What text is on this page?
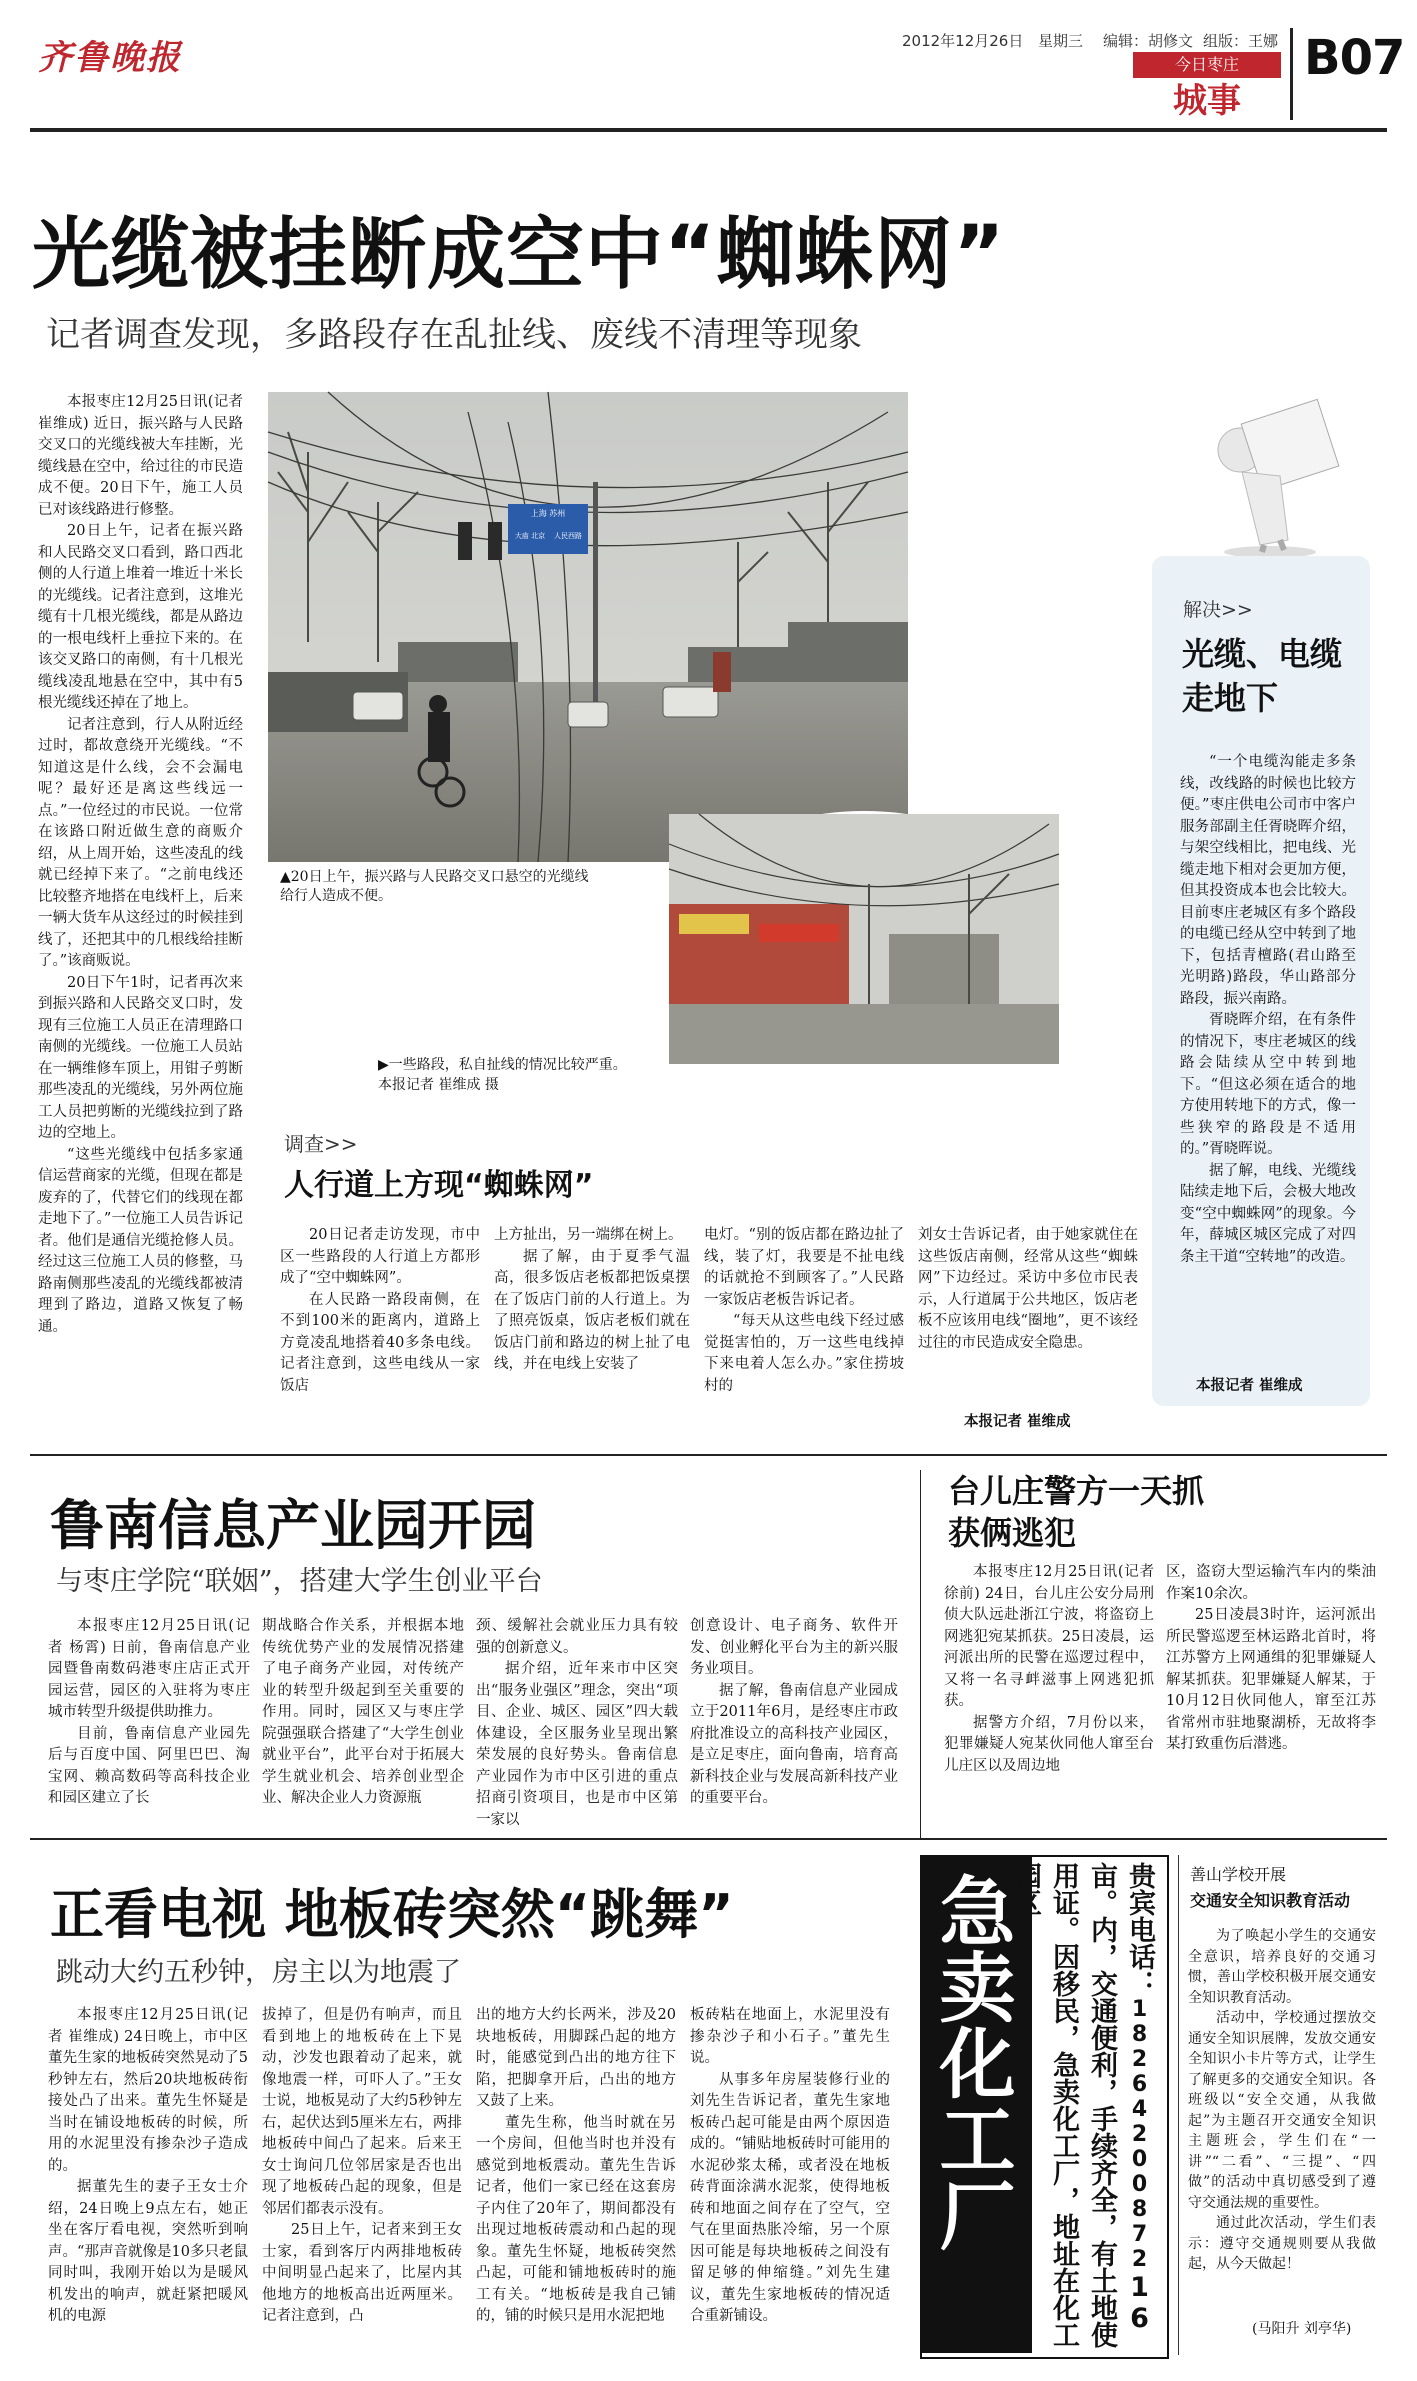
齐鲁晚报	2012年12月26日 星期三 编辑：胡修文 组版：王娜
今日枣庄
城事
B07
光缆被挂断成空中“蜘蛛网”
记者调查发现，多路段存在乱扯线、废线不清理等现象

本报枣庄12月25日讯(记者 崔维成) 近日，振兴路与人民路交叉口的光缆线被大车挂断，光缆线悬在空中，给过往的市民造成不便。20日下午，施工人员已对该线路进行修整。

20日上午，记者在振兴路和人民路交叉口看到，路口西北侧的人行道上堆着一堆近十米长的光缆线。记者注意到，这堆光缆有十几根光缆线，都是从路边的一根电线杆上垂拉下来的。在该交叉路口的南侧，有十几根光缆线凌乱地悬在空中，其中有5根光缆线还掉在了地上。

记者注意到，行人从附近经过时，都故意绕开光缆线。“不知道这是什么线，会不会漏电呢？最好还是离这些线远一点。”一位经过的市民说。一位常在该路口附近做生意的商贩介绍，从上周开始，这些凌乱的线就已经掉下来了。“之前电线还比较整齐地搭在电线杆上，后来一辆大货车从这经过的时候挂到线了，还把其中的几根线给挂断了。”该商贩说。

20日下午1时，记者再次来到振兴路和人民路交叉口时，发现有三位施工人员正在清理路口南侧的光缆线。一位施工人员站在一辆维修车顶上，用钳子剪断那些凌乱的光缆线，另外两位施工人员把剪断的光缆线拉到了路边的空地上。

“这些光缆线中包括多家通信运营商家的光缆，但现在都是废弃的了，代替它们的线现在都走地下了。”一位施工人员告诉记者。他们是通信光缆抢修人员。经过这三位施工人员的修整，马路南侧那些凌乱的光缆线都被清理到了路边，道路又恢复了畅通。

上海 苏州
大庙 北京 人民西路
▲20日上午，振兴路与人民路交叉口悬空的光缆线给行人造成不便。
▶一些路段，私自扯线的情况比较严重。 本报记者 崔维成 摄
调查>>
人行道上方现“蜘蛛网”

20日记者走访发现，市中区一些路段的人行道上方都形成了“空中蜘蛛网”。

在人民路一路段南侧，在不到100米的距离内，道路上方竟凌乱地搭着40多条电线。记者注意到，这些电线从一家饭店

上方扯出，另一端绑在树上。

据了解，由于夏季气温高，很多饭店老板都把饭桌摆在了饭店门前的人行道上。为了照亮饭桌，饭店老板们就在饭店门前和路边的树上扯了电线，并在电线上安装了

电灯。“别的饭店都在路边扯了线，装了灯，我要是不扯电线的话就抢不到顾客了。”人民路一家饭店老板告诉记者。

“每天从这些电线下经过感觉挺害怕的，万一这些电线掉下来电着人怎么办。”家住捞坡村的

刘女士告诉记者，由于她家就住在这些饭店南侧，经常从这些“蜘蛛网”下边经过。采访中多位市民表示，人行道属于公共地区，饭店老板不应该用电线“圈地”，更不该经过往的市民造成安全隐患。

本报记者 崔维成
解决>>
光缆、电缆走地下

“一个电缆沟能走多条线，改线路的时候也比较方便。”枣庄供电公司市中客户服务部副主任胥晓晖介绍，与架空线相比，把电线、光缆走地下相对会更加方便，但其投资成本也会比较大。目前枣庄老城区有多个路段的电缆已经从空中转到了地下，包括青檀路(君山路至光明路)路段，华山路部分路段，振兴南路。

胥晓晖介绍，在有条件的情况下，枣庄老城区的线路会陆续从空中转到地下。“但这必须在适合的地方使用转地下的方式，像一些狭窄的路段是不适用的。”胥晓晖说。

据了解，电线、光缆线陆续走地下后，会极大地改变“空中蜘蛛网”的现象。今年，薛城区城区完成了对四条主干道“空转地”的改造。

本报记者 崔维成
鲁南信息产业园开园
与枣庄学院“联姻”，搭建大学生创业平台

本报枣庄12月25日讯(记者 杨霄) 日前，鲁南信息产业园暨鲁南数码港枣庄店正式开园运营，园区的入驻将为枣庄城市转型升级提供助推力。

目前，鲁南信息产业园先后与百度中国、阿里巴巴、淘宝网、赖高数码等高科技企业和园区建立了长

期战略合作关系，并根据本地传统优势产业的发展情况搭建了电子商务产业园，对传统产业的转型升级起到至关重要的作用。同时，园区又与枣庄学院强强联合搭建了“大学生创业就业平台”，此平台对于拓展大学生就业机会、培养创业型企业、解决企业人力资源瓶

颈、缓解社会就业压力具有较强的创新意义。

据介绍，近年来市中区突出“服务业强区”理念，突出“项目、企业、城区、园区”四大载体建设，全区服务业呈现出繁荣发展的良好势头。鲁南信息产业园作为市中区引进的重点招商引资项目，也是市中区第一家以

创意设计、电子商务、软件开发、创业孵化平台为主的新兴服务业项目。

据了解，鲁南信息产业园成立于2011年6月，是经枣庄市政府批准设立的高科技产业园区，是立足枣庄，面向鲁南，培育高新科技企业与发展高新科技产业的重要平台。

台儿庄警方一天抓获俩逃犯

本报枣庄12月25日讯(记者 徐前) 24日，台儿庄公安分局刑侦大队远赴浙江宁波，将盗窃上网逃犯宛某抓获。25日凌晨，运河派出所的民警在巡逻过程中，又将一名寻衅滋事上网逃犯抓获。

据警方介绍，7月份以来，犯罪嫌疑人宛某伙同他人窜至台儿庄区以及周边地

区，盗窃大型运输汽车内的柴油作案10余次。

25日凌晨3时许，运河派出所民警巡逻至林运路北首时，将江苏警方上网通缉的犯罪嫌疑人解某抓获。犯罪嫌疑人解某，于10月12日伙同他人，窜至江苏省常州市驻地聚湖桥，无故将李某打致重伤后潜逃。

正看电视 地板砖突然“跳舞”
跳动大约五秒钟，房主以为地震了

本报枣庄12月25日讯(记者 崔维成) 24日晚上，市中区董先生家的地板砖突然晃动了5秒钟左右，然后20块地板砖衔接处凸了出来。董先生怀疑是当时在铺设地板砖的时候，所用的水泥里没有掺杂沙子造成的。

据董先生的妻子王女士介绍，24日晚上9点左右，她正坐在客厅看电视，突然听到响声。“那声音就像是10多只老鼠同时叫，我刚开始以为是暖风机发出的响声，就赶紧把暖风机的电源

拔掉了，但是仍有响声，而且看到地上的地板砖在上下晃动，沙发也跟着动了起来，就像地震一样，可吓人了。”王女士说，地板晃动了大约5秒钟左右，起伏达到5厘米左右，两排地板砖中间凸了起来。后来王女士询问几位邻居家是否也出现了地板砖凸起的现象，但是邻居们都表示没有。

25日上午，记者来到王女士家，看到客厅内两排地板砖中间明显凸起来了，比屋内其他地方的地板高出近两厘米。记者注意到，凸

出的地方大约长两米，涉及20块地板砖，用脚踩凸起的地方时，能感觉到凸出的地方往下陷，把脚拿开后，凸出的地方又鼓了上来。

董先生称，他当时就在另一个房间，但他当时也并没有感觉到地板震动。董先生告诉记者，他们一家已经在这套房子内住了20年了，期间都没有出现过地板砖震动和凸起的现象。董先生怀疑，地板砖突然凸起，可能和铺地板砖时的施工有关。“地板砖是我自己铺的，铺的时候只是用水泥把地

板砖粘在地面上，水泥里没有掺杂沙子和小石子。”董先生说。

从事多年房屋装修行业的刘先生告诉记者，董先生家地板砖凸起可能是由两个原因造成的。“铺贴地板砖时可能用的水泥砂浆太稀，或者没在地板砖背面涂满水泥浆，使得地板砖和地面之间存在了空气，空气在里面热胀冷缩，另一个原因可能是每块地板砖之间没有留足够的伸缩缝。”刘先生建议，董先生家地板砖的情况适合重新铺设。

急卖化工厂	贵宾电话：1826420087216亩。内，交通便利，手续齐全，有土地使用证。因移民，急卖化工厂，地址在化工园区	善山学校开展
交通安全知识教育活动

为了唤起小学生的交通安全意识，培养良好的交通习惯，善山学校积极开展交通安全知识教育活动。

活动中，学校通过摆放交通安全知识展牌，发放交通安全知识小卡片等方式，让学生了解更多的交通安全知识。各班级以“安全交通，从我做起”为主题召开交通安全知识主题班会，学生们在“一讲”“二看”、“三提”、“四做”的活动中真切感受到了遵守交通法规的重要性。

通过此次活动，学生们表示：遵守交通规则要从我做起，从今天做起！

(马阳升 刘亭华)
